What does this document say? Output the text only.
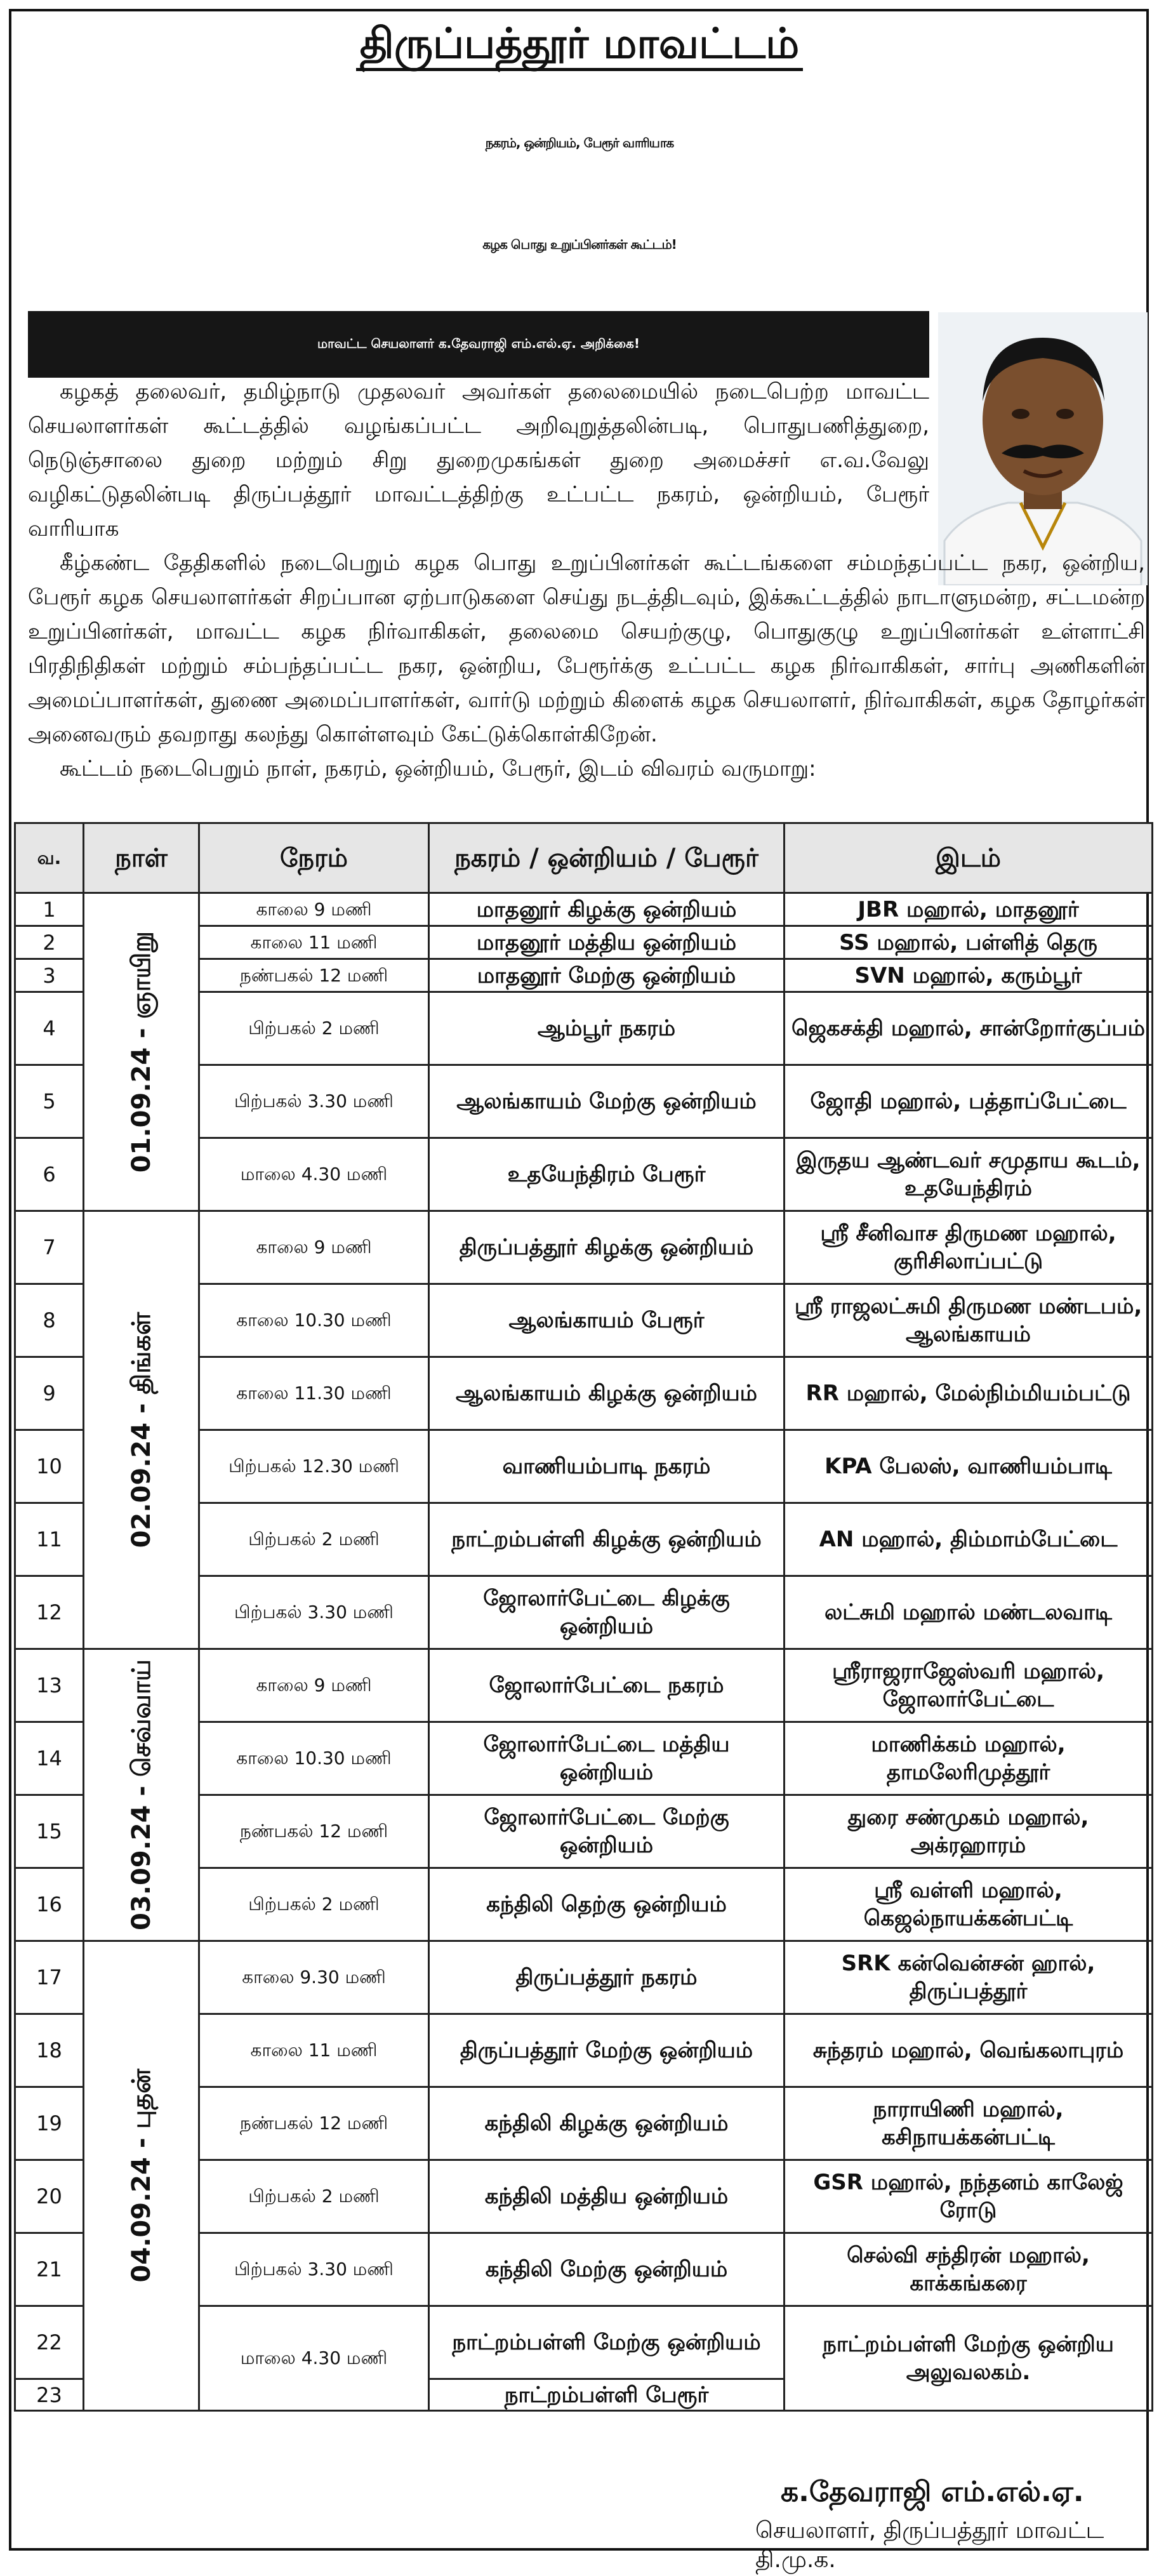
திருப்பத்தூர் மாவட்டம்
நகரம், ஒன்றியம், பேரூர் வாரியாக
கழக பொது உறுப்பினர்கள் கூட்டம்!
மாவட்ட செயலாளர் க.தேவராஜி எம்.எல்.ஏ. அறிக்கை!

கழகத் தலைவர், தமிழ்நாடு முதலவர் அவர்கள் தலைமையில் நடைபெற்ற மாவட்ட செயலாளர்கள் கூட்டத்தில் வழங்கப்பட்ட அறிவுறுத்தலின்படி, பொதுபணித்துறை, நெடுஞ்சாலை துறை மற்றும் சிறு துறைமுகங்கள் துறை அமைச்சர் எ.வ.வேலு வழிகட்டுதலின்படி திருப்பத்தூர் மாவட்டத்திற்கு உட்பட்ட நகரம், ஒன்றியம், பேரூர் வாரியாக

கீழ்கண்ட தேதிகளில் நடைபெறும் கழக பொது உறுப்பினர்கள் கூட்டங்களை சம்மந்தப்பட்ட நகர, ஒன்றிய, பேரூர் கழக செயலாளர்கள் சிறப்பான ஏற்பாடுகளை செய்து நடத்திடவும், இக்கூட்டத்தில் நாடாளுமன்ற, சட்டமன்ற உறுப்பினர்கள், மாவட்ட கழக நிர்வாகிகள், தலைமை செயற்குழு, பொதுகுழு உறுப்பினர்கள் உள்ளாட்சி பிரதிநிதிகள் மற்றும் சம்பந்தப்பட்ட நகர, ஒன்றிய, பேரூர்க்கு உட்பட்ட கழக நிர்வாகிகள், சார்பு அணிகளின் அமைப்பாளர்கள், துணை அமைப்பாளர்கள், வார்டு மற்றும் கிளைக் கழக செயலாளர், நிர்வாகிகள், கழக தோழர்கள் அனைவரும் தவறாது கலந்து கொள்ளவும் கேட்டுக்கொள்கிறேன்.

கூட்டம் நடைபெறும் நாள், நகரம், ஒன்றியம், பேரூர், இடம் விவரம் வருமாறு:

வ.	நாள்	நேரம்	நகரம் / ஒன்றியம் / பேரூர்	இடம்
1	01.09.24 - ஞாயிறு	காலை 9 மணி	மாதனூர் கிழக்கு ஒன்றியம்	JBR மஹால், மாதனூர்
2		காலை 11 மணி	மாதனூர் மத்திய ஒன்றியம்	SS மஹால், பள்ளித் தெரு
3		நண்பகல் 12 மணி	மாதனூர் மேற்கு ஒன்றியம்	SVN மஹால், கரும்பூர்
4		பிற்பகல் 2 மணி	ஆம்பூர் நகரம்	ஜெகசக்தி மஹால், சான்றோர்குப்பம்
5		பிற்பகல் 3.30 மணி	ஆலங்காயம் மேற்கு ஒன்றியம்	ஜோதி மஹால், பத்தாப்பேட்டை
6		மாலை 4.30 மணி	உதயேந்திரம் பேரூர்	இருதய ஆண்டவர் சமுதாய கூடம், உதயேந்திரம்
7	02.09.24 - திங்கள்	காலை 9 மணி	திருப்பத்தூர் கிழக்கு ஒன்றியம்	ஸ்ரீ சீனிவாச திருமண மஹால், குரிசிலாப்பட்டு
8		காலை 10.30 மணி	ஆலங்காயம் பேரூர்	ஸ்ரீ ராஜலட்சுமி திருமண மண்டபம், ஆலங்காயம்
9		காலை 11.30 மணி	ஆலங்காயம் கிழக்கு ஒன்றியம்	RR மஹால், மேல்நிம்மியம்பட்டு
10		பிற்பகல் 12.30 மணி	வாணியம்பாடி நகரம்	KPA பேலஸ், வாணியம்பாடி
11		பிற்பகல் 2 மணி	நாட்றம்பள்ளி கிழக்கு ஒன்றியம்	AN மஹால், திம்மாம்பேட்டை
12		பிற்பகல் 3.30 மணி	ஜோலார்பேட்டை கிழக்கு ஒன்றியம்	லட்சுமி மஹால் மண்டலவாடி
13	03.09.24 - செவ்வாய்	காலை 9 மணி	ஜோலார்பேட்டை நகரம்	ஸ்ரீராஜராஜேஸ்வரி மஹால், ஜோலார்பேட்டை
14		காலை 10.30 மணி	ஜோலார்பேட்டை மத்திய ஒன்றியம்	மாணிக்கம் மஹால், தாமலேரிமுத்தூர்
15		நண்பகல் 12 மணி	ஜோலார்பேட்டை மேற்கு ஒன்றியம்	துரை சண்முகம் மஹால், அக்ரஹாரம்
16		பிற்பகல் 2 மணி	கந்திலி தெற்கு ஒன்றியம்	ஸ்ரீ வள்ளி மஹால், கெஜல்நாயக்கன்பட்டி
17	04.09.24 - புதன்	காலை 9.30 மணி	திருப்பத்தூர் நகரம்	SRK கன்வென்சன் ஹால், திருப்பத்தூர்
18		காலை 11 மணி	திருப்பத்தூர் மேற்கு ஒன்றியம்	சுந்தரம் மஹால், வெங்கலாபுரம்
19		நண்பகல் 12 மணி	கந்திலி கிழக்கு ஒன்றியம்	நாராயிணி மஹால், கசிநாயக்கன்பட்டி
20		பிற்பகல் 2 மணி	கந்திலி மத்திய ஒன்றியம்	GSR மஹால், நந்தனம் காலேஜ் ரோடு
21		பிற்பகல் 3.30 மணி	கந்திலி மேற்கு ஒன்றியம்	செல்வி சந்திரன் மஹால், காக்கங்கரை
22		மாலை 4.30 மணி	நாட்றம்பள்ளி மேற்கு ஒன்றியம்	நாட்றம்பள்ளி மேற்கு ஒன்றிய அலுவலகம்.
23			நாட்றம்பள்ளி பேரூர்	
க.தேவராஜி எம்.எல்.ஏ.
செயலாளர், திருப்பத்தூர் மாவட்ட தி.மு.க.
